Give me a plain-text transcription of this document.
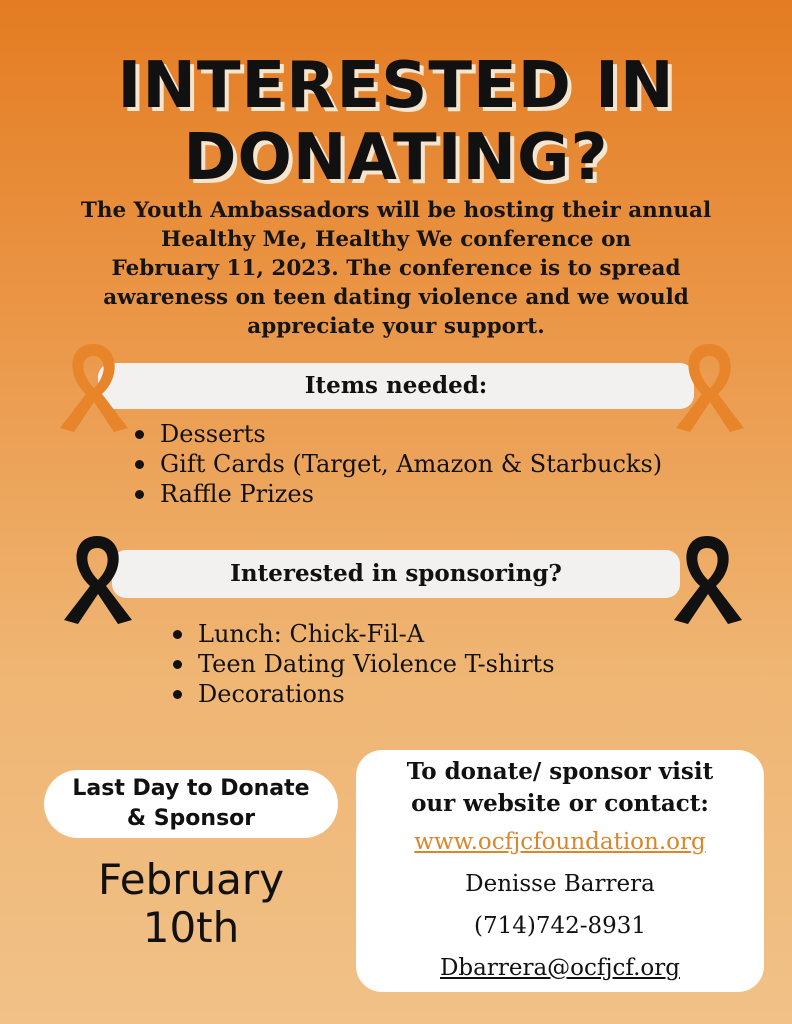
INTERESTED IN
DONATING?
The Youth Ambassadors will be hosting their annual
Healthy Me, Healthy We conference on
February 11, 2023. The conference is to spread
awareness on teen dating violence and we would
appreciate your support.
Items needed:
Desserts
Gift Cards (Target, Amazon & Starbucks)
Raffle Prizes
Interested in sponsoring?
Lunch: Chick-Fil-A
Teen Dating Violence T-shirts
Decorations
Last Day to Donate
& Sponsor
February
10th
To donate/ sponsor visit
our website or contact:
www.ocfjcfoundation.org
Denisse Barrera
(714)742-8931
Dbarrera@ocfjcf.org
